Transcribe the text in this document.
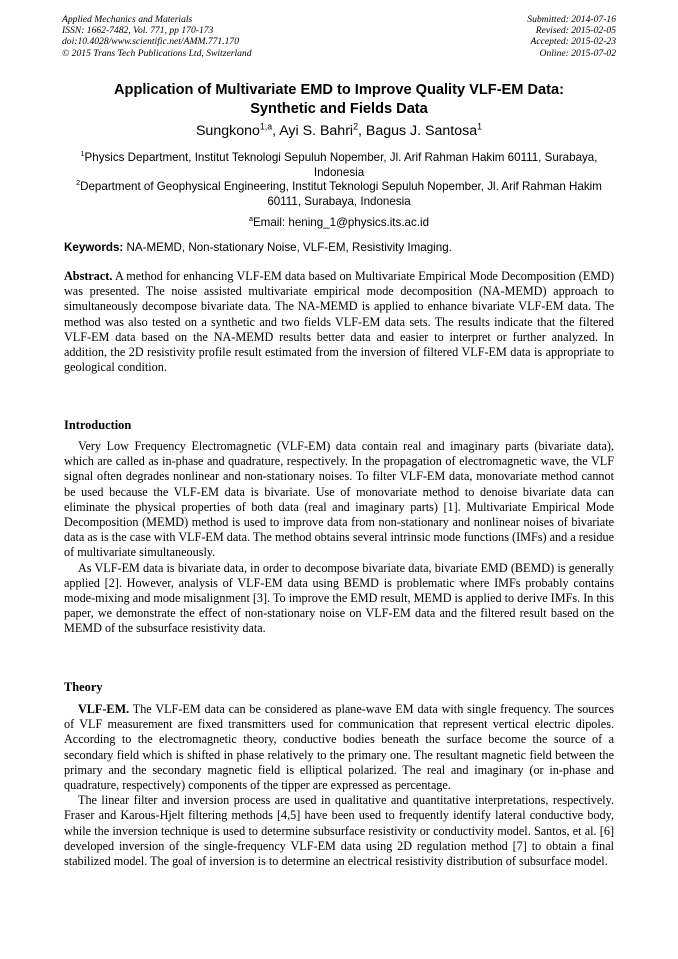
Applied Mechanics and Materials
ISSN: 1662-7482, Vol. 771, pp 170-173
doi:10.4028/www.scientific.net/AMM.771.170
© 2015 Trans Tech Publications Ltd, Switzerland
Submitted: 2014-07-16
Revised: 2015-02-05
Accepted: 2015-02-23
Online: 2015-07-02
Application of Multivariate EMD to Improve Quality VLF-EM Data:
Synthetic and Fields Data
Sungkono$^{1,a}$, Ayi S. Bahri$^2$, Bagus J. Santosa$^1$
$^1$Physics Department, Institut Teknologi Sepuluh Nopember, Jl. Arif Rahman Hakim 60111, Surabaya, Indonesia
$^2$Department of Geophysical Engineering, Institut Teknologi Sepuluh Nopember, Jl. Arif Rahman Hakim 60111, Surabaya, Indonesia
$^a$Email: hening_1@physics.its.ac.id
Keywords: NA-MEMD, Non-stationary Noise, VLF-EM, Resistivity Imaging.

Abstract. A method for enhancing VLF-EM data based on Multivariate Empirical Mode Decomposition (EMD) was presented. The noise assisted multivariate empirical mode decomposition (NA-MEMD) approach to simultaneously decompose bivariate data. The NA-MEMD is applied to enhance bivariate VLF-EM data. The method was also tested on a synthetic and two fields VLF-EM data sets. The results indicate that the filtered VLF-EM data based on the NA-MEMD results better data and easier to interpret or further analyzed. In addition, the 2D resistivity profile result estimated from the inversion of filtered VLF-EM data is appropriate to geological condition.

Introduction

Very Low Frequency Electromagnetic (VLF-EM) data contain real and imaginary parts (bivariate data), which are called as in-phase and quadrature, respectively. In the propagation of electromagnetic wave, the VLF signal often degrades nonlinear and non-stationary noises. To filter VLF-EM data, monovariate method cannot be used because the VLF-EM data is bivariate. Use of monovariate method to denoise bivariate data can eliminate the physical properties of both data (real and imaginary parts) [1]. Multivariate Empirical Mode Decomposition (MEMD) method is used to improve data from non-stationary and nonlinear noises of bivariate data as is the case with VLF-EM data. The method obtains several intrinsic mode functions (IMFs) and a residue of multivariate simultaneously.

As VLF-EM data is bivariate data, in order to decompose bivariate data, bivariate EMD (BEMD) is generally applied [2]. However, analysis of VLF-EM data using BEMD is problematic where IMFs probably contains mode-mixing and mode misalignment [3]. To improve the EMD result, MEMD is applied to derive IMFs. In this paper, we demonstrate the effect of non-stationary noise on VLF-EM data and the filtered result based on the MEMD of the subsurface resistivity data.

Theory

VLF-EM. The VLF-EM data can be considered as plane-wave EM data with single frequency. The sources of VLF measurement are fixed transmitters used for communication that represent vertical electric dipoles. According to the electromagnetic theory, conductive bodies beneath the surface become the source of a secondary field which is shifted in phase relatively to the primary one. The resultant magnetic field between the primary and the secondary magnetic field is elliptical polarized. The real and imaginary (or in-phase and quadrature, respectively) components of the tipper are expressed as percentage.

The linear filter and inversion process are used in qualitative and quantitative interpretations, respectively. Fraser and Karous-Hjelt filtering methods [4,5] have been used to frequently identify lateral conductive body, while the inversion technique is used to determine subsurface resistivity or conductivity model. Santos, et al. [6] developed inversion of the single-frequency VLF-EM data using 2D regulation method [7] to obtain a final stabilized model. The goal of inversion is to determine an electrical resistivity distribution of subsurface model.
